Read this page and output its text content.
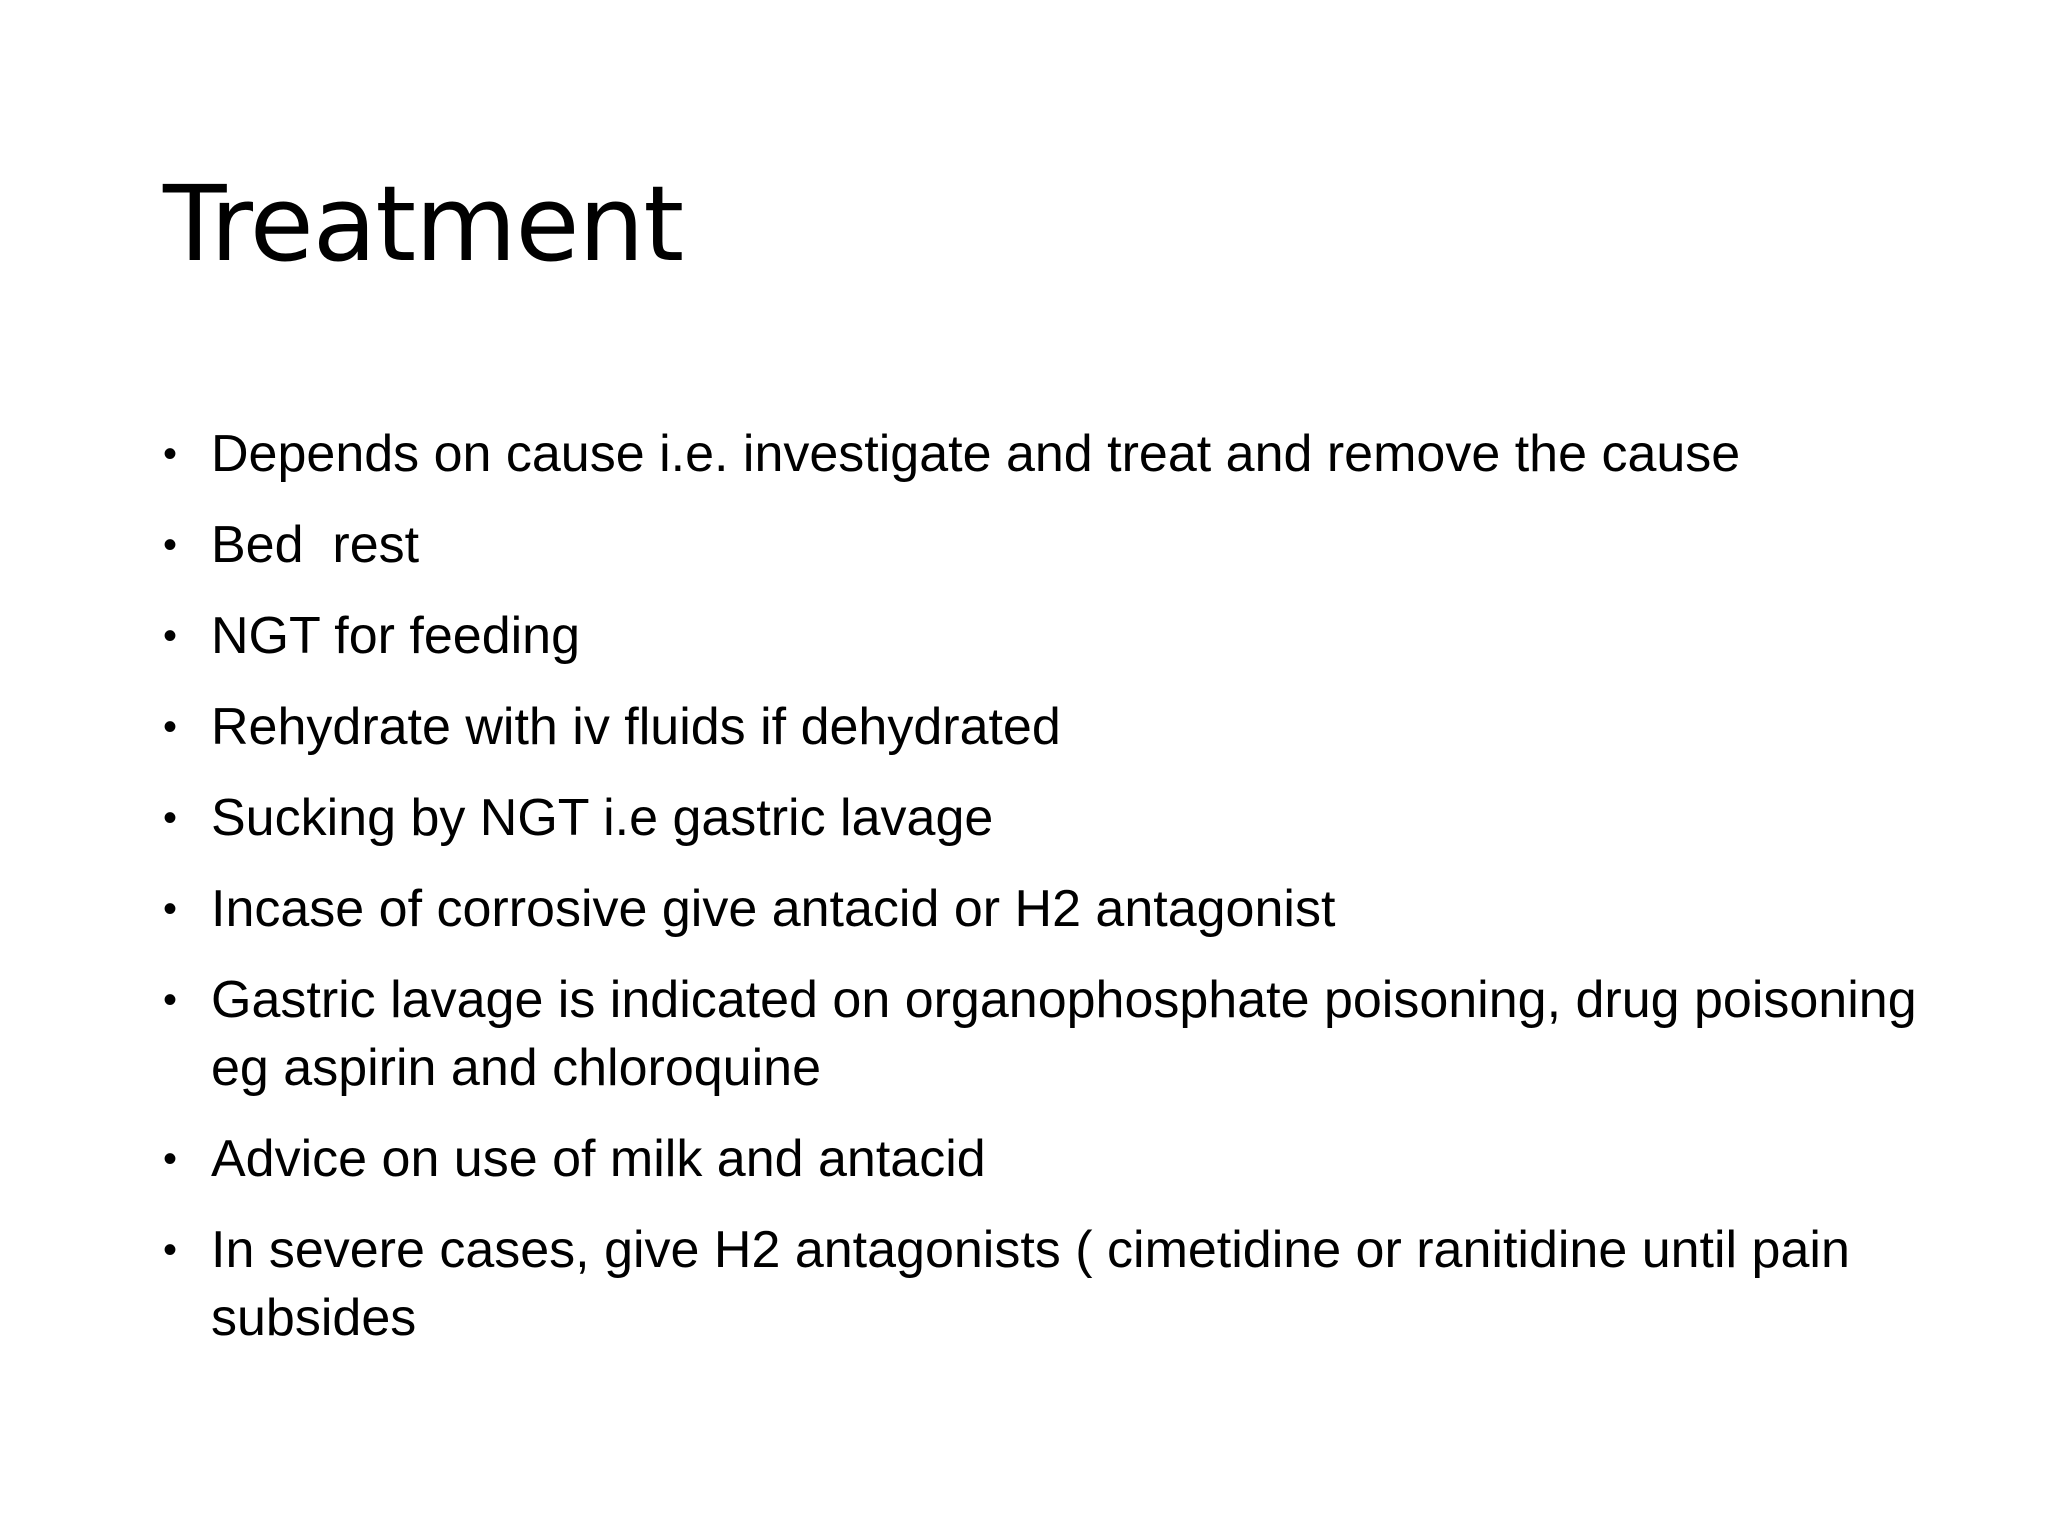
Treatment
• Depends on cause i.e. investigate and treat and remove the cause
• Bed  rest
• NGT for feeding
• Rehydrate with iv fluids if dehydrated
• Sucking by NGT i.e gastric lavage
• Incase of corrosive give antacid or H2 antagonist
• Gastric lavage is indicated on organophosphate poisoning, drug poisoning eg aspirin and chloroquine
• Advice on use of milk and antacid
• In severe cases, give H2 antagonists ( cimetidine or ranitidine until pain subsides
